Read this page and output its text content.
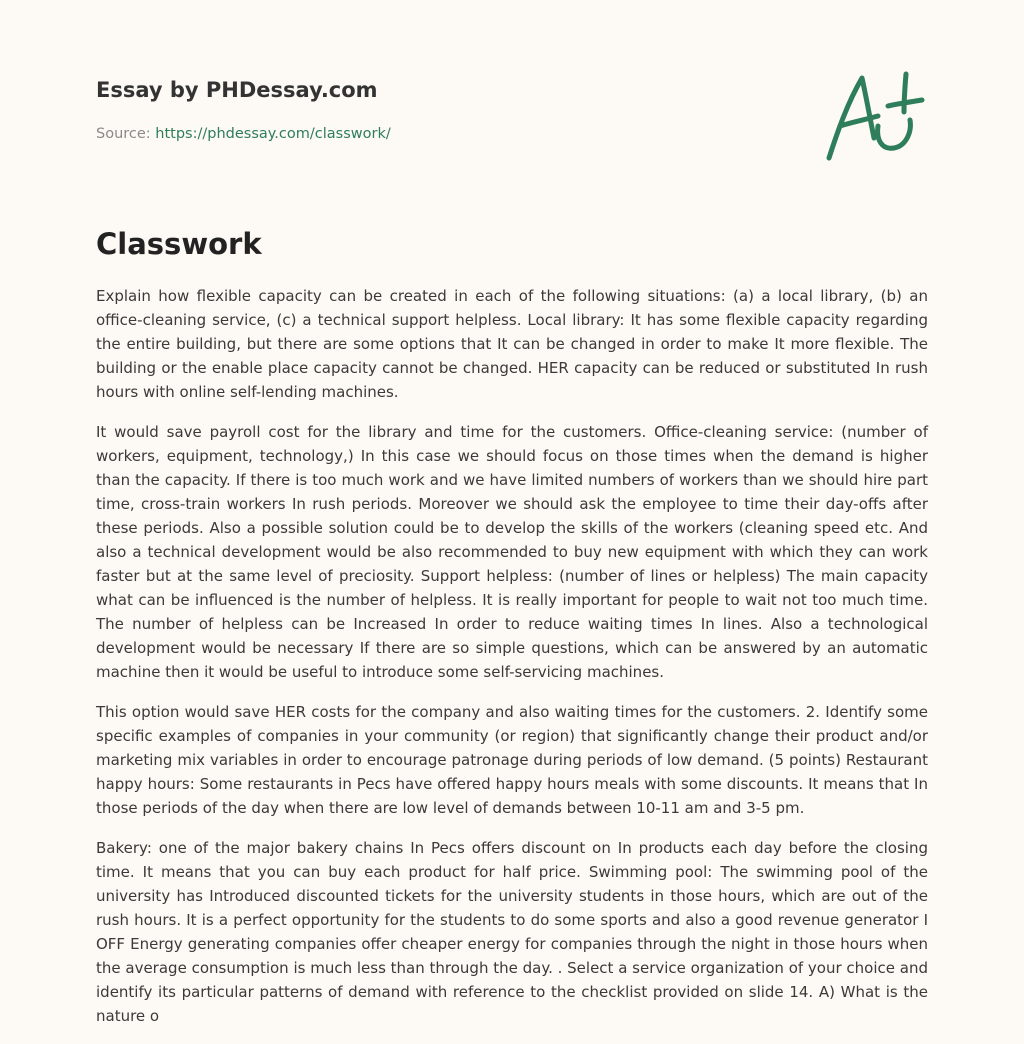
Essay by PHDessay.com
Source: https://phdessay.com/classwork/
Classwork

Explain how flexible capacity can be created in each of the following situations: (a) a local library, (b) an office-cleaning service, (c) a technical support helpless. Local library: It has some flexible capacity regarding the entire building, but there are some options that It can be changed in order to make It more flexible. The building or the enable place capacity cannot be changed. HER capacity can be reduced or substituted In rush hours with online self-lending machines.

It would save payroll cost for the library and time for the customers. Office-cleaning service: (number of workers, equipment, technology,) In this case we should focus on those times when the demand is higher than the capacity. If there is too much work and we have limited numbers of workers than we should hire part time, cross-train workers In rush periods. Moreover we should ask the employee to time their day-offs after these periods. Also a possible solution could be to develop the skills of the workers (cleaning speed etc. And also a technical development would be also recommended to buy new equipment with which they can work faster but at the same level of preciosity. Support helpless: (number of lines or helpless) The main capacity what can be influenced is the number of helpless. It is really important for people to wait not too much time. The number of helpless can be Increased In order to reduce waiting times In lines. Also a technological development would be necessary If there are so simple questions, which can be answered by an automatic machine then it would be useful to introduce some self-servicing machines.

This option would save HER costs for the company and also waiting times for the customers. 2. Identify some specific examples of companies in your community (or region) that significantly change their product and/or marketing mix variables in order to encourage patronage during periods of low demand. (5 points) Restaurant happy hours: Some restaurants in Pecs have offered happy hours meals with some discounts. It means that In those periods of the day when there are low level of demands between 10-11 am and 3-5 pm.

Bakery: one of the major bakery chains In Pecs offers discount on In products each day before the closing time. It means that you can buy each product for half price. Swimming pool: The swimming pool of the university has Introduced discounted tickets for the university students in those hours, which are out of the rush hours. It is a perfect opportunity for the students to do some sports and also a good revenue generator I OFF Energy generating companies offer cheaper energy for companies through the night in those hours when the average consumption is much less than through the day. . Select a service organization of your choice and identify its particular patterns of demand with reference to the checklist provided on slide 14. A) What is the nature o
